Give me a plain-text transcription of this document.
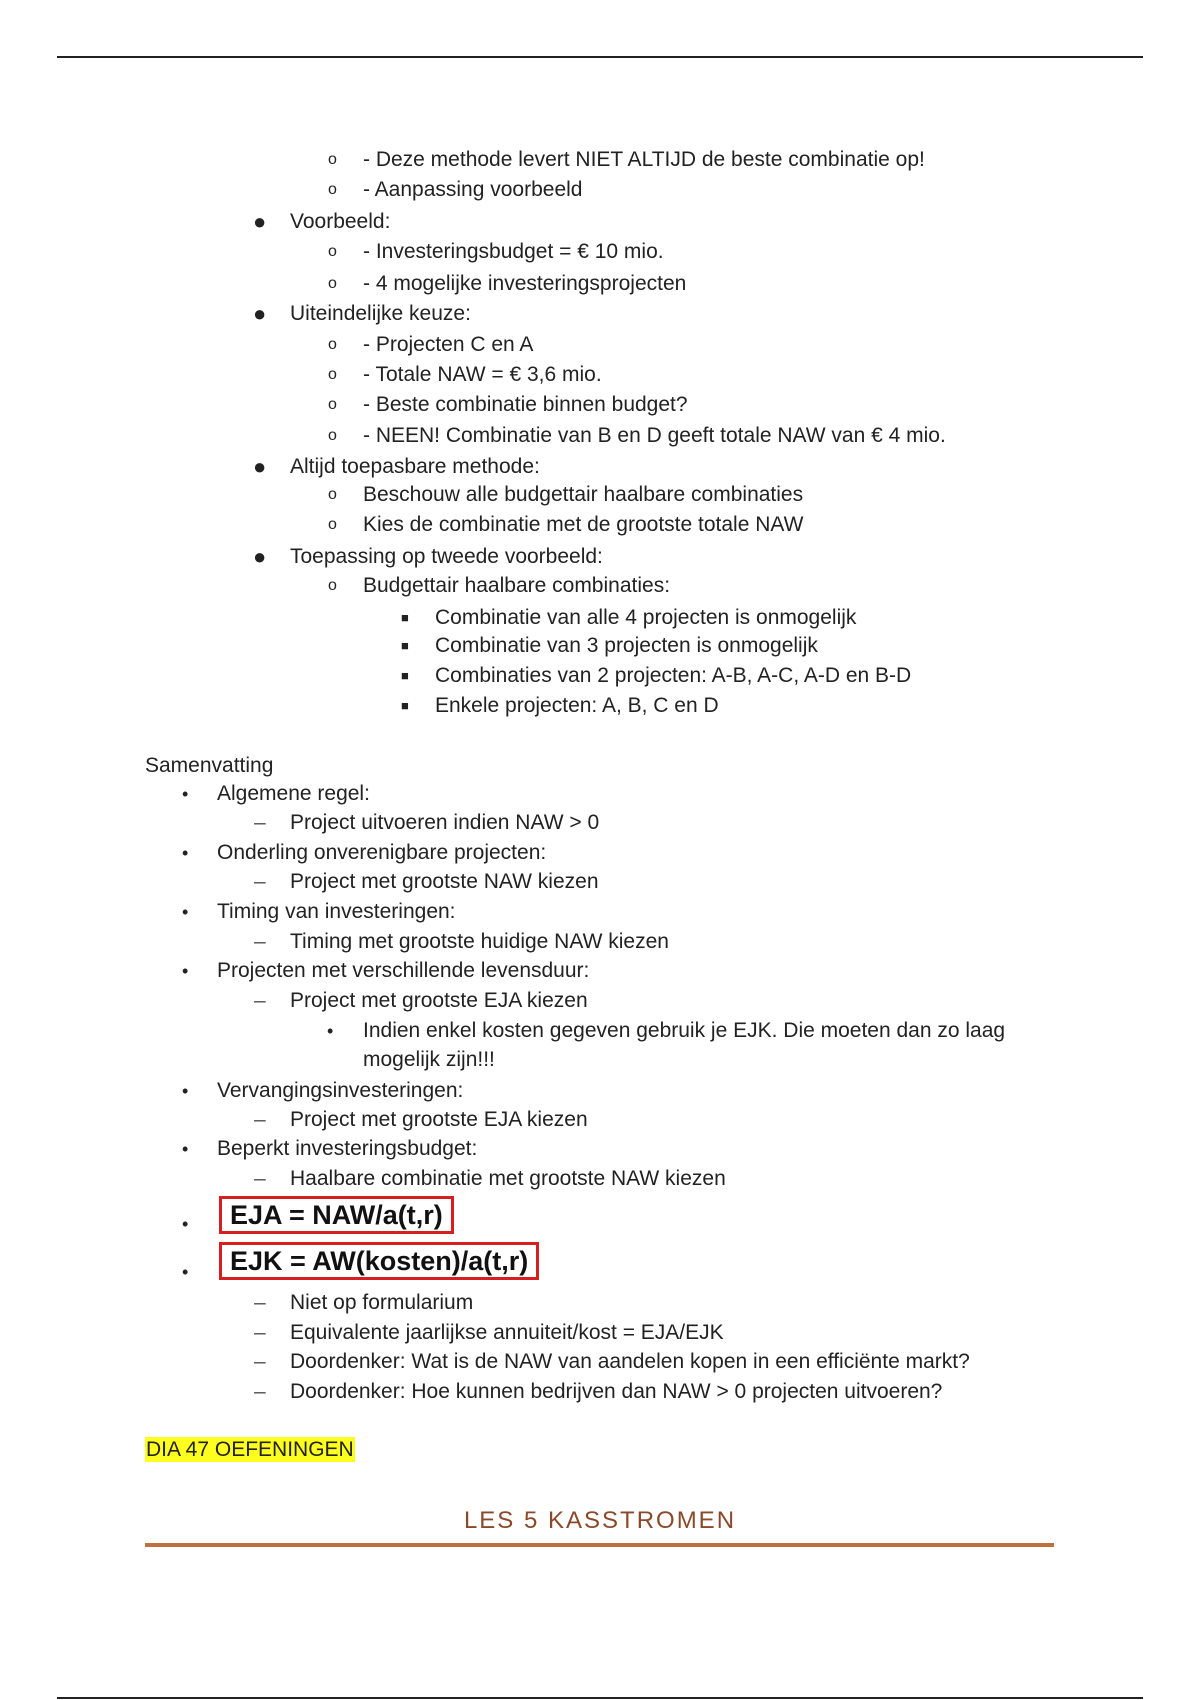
o - Deze methode levert NIET ALTIJD de beste combinatie op!
o - Aanpassing voorbeeld
● Voorbeeld:
o - Investeringsbudget = € 10 mio.
o - 4 mogelijke investeringsprojecten
● Uiteindelijke keuze:
o - Projecten C en A
o - Totale NAW = € 3,6 mio.
o - Beste combinatie binnen budget?
o - NEEN! Combinatie van B en D geeft totale NAW van € 4 mio.
● Altijd toepasbare methode:
o Beschouw alle budgettair haalbare combinaties
o Kies de combinatie met de grootste totale NAW
● Toepassing op tweede voorbeeld:
o Budgettair haalbare combinaties:
■ Combinatie van alle 4 projecten is onmogelijk
■ Combinatie van 3 projecten is onmogelijk
■ Combinaties van 2 projecten: A-B, A-C, A-D en B-D
■ Enkele projecten: A, B, C en D
Samenvatting
• Algemene regel:
– Project uitvoeren indien NAW > 0
• Onderling onverenigbare projecten:
– Project met grootste NAW kiezen
• Timing van investeringen:
– Timing met grootste huidige NAW kiezen
• Projecten met verschillende levensduur:
– Project met grootste EJA kiezen
• Indien enkel kosten gegeven gebruik je EJK. Die moeten dan zo laag
mogelijk zijn!!!
• Vervangingsinvesteringen:
– Project met grootste EJA kiezen
• Beperkt investeringsbudget:
– Haalbare combinatie met grootste NAW kiezen
•	EJA = NAW/a(t,r)
•	EJK = AW(kosten)/a(t,r)
– Niet op formularium
– Equivalente jaarlijkse annuiteit/kost = EJA/EJK
– Doordenker: Wat is de NAW van aandelen kopen in een efficiënte markt?
– Doordenker: Hoe kunnen bedrijven dan NAW > 0 projecten uitvoeren?
DIA 47 OEFENINGEN
LES 5 KASSTROMEN
